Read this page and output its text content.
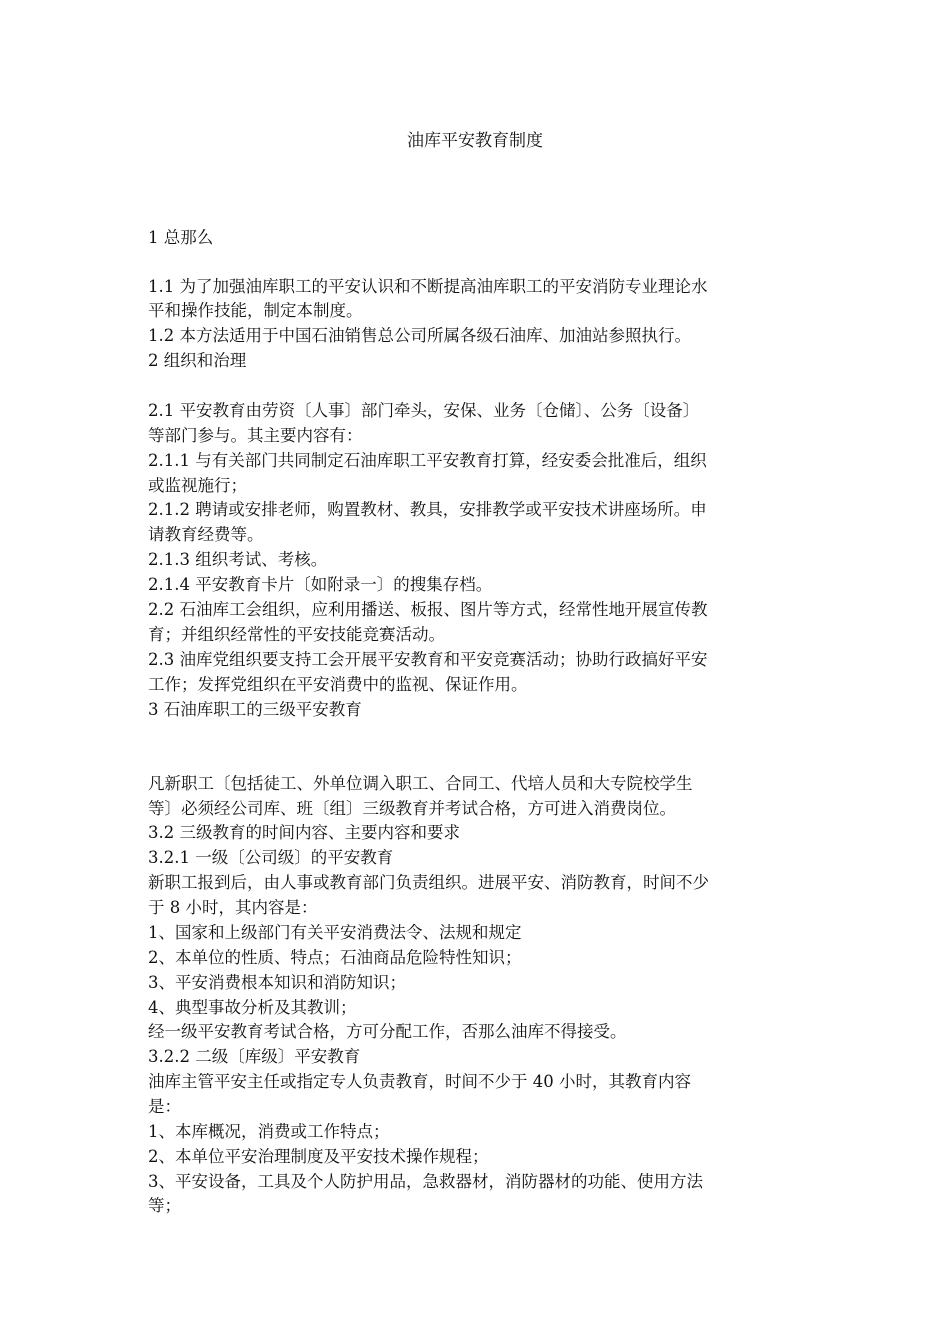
油库平安教育制度
1 总那么
1.1 为了加强油库职工的平安认识和不断提高油库职工的平安消防专业理论水
平和操作技能，制定本制度。
1.2 本方法适用于中国石油销售总公司所属各级石油库、加油站参照执行。
2 组织和治理
2.1 平安教育由劳资〔人事〕部门牵头，安保、业务〔仓储〕、公务〔设备〕
等部门参与。其主要内容有：
2.1.1 与有关部门共同制定石油库职工平安教育打算，经安委会批准后，组织
或监视施行；
2.1.2 聘请或安排老师，购置教材、教具，安排教学或平安技术讲座场所。申
请教育经费等。
2.1.3 组织考试、考核。
2.1.4 平安教育卡片〔如附录一〕的搜集存档。
2.2 石油库工会组织，应利用播送、板报、图片等方式，经常性地开展宣传教
育；并组织经常性的平安技能竞赛活动。
2.3 油库党组织要支持工会开展平安教育和平安竞赛活动；协助行政搞好平安
工作；发挥党组织在平安消费中的监视、保证作用。
3 石油库职工的三级平安教育
凡新职工〔包括徒工、外单位调入职工、合同工、代培人员和大专院校学生
等〕必须经公司库、班〔组〕三级教育并考试合格，方可进入消费岗位。
3.2 三级教育的时间内容、主要内容和要求
3.2.1 一级〔公司级〕的平安教育
新职工报到后，由人事或教育部门负责组织。进展平安、消防教育，时间不少
于 8 小时，其内容是：
1、国家和上级部门有关平安消费法令、法规和规定
2、本单位的性质、特点；石油商品危险特性知识；
3、平安消费根本知识和消防知识；
4、典型事故分析及其教训；
经一级平安教育考试合格，方可分配工作，否那么油库不得接受。
3.2.2 二级〔库级〕平安教育
油库主管平安主任或指定专人负责教育，时间不少于 40 小时，其教育内容
是：
1、本库概况，消费或工作特点；
2、本单位平安治理制度及平安技术操作规程；
3、平安设备，工具及个人防护用品，急救器材，消防器材的功能、使用方法
等；
